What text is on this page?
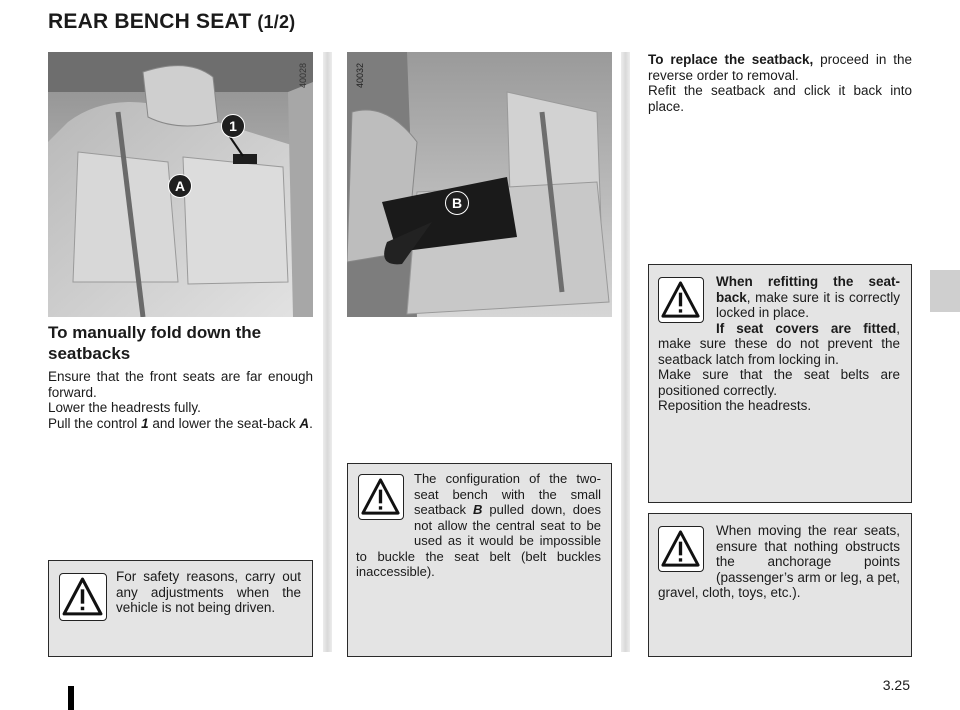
REAR BENCH SEAT (1/2)
1
A
40028
B
40032
To manually fold down the seatbacks

Ensure that the front seats are far enough forward.

Lower the headrests fully.

Pull the control 1 and lower the seat-back A.

To replace the seatback, proceed in the reverse order to removal.

Refit the seatback and click it back into place.

When refitting the seat-back, make sure it is correctly locked in place.
If seat covers are fitted, make sure these do not prevent the seatback latch from locking in.
Make sure that the seat belts are positioned correctly.
Reposition the headrests.
When moving the rear seats, ensure that nothing obstructs the anchorage points (passenger’s arm or leg, a pet, gravel, cloth, toys, etc.).
The configuration of the two-seat bench with the small seatback B pulled down, does not allow the central seat to be used as it would be impossible to buckle the seat belt (belt buckles inaccessible).
For safety reasons, carry out any adjustments when the vehicle is not being driven.
3.25
